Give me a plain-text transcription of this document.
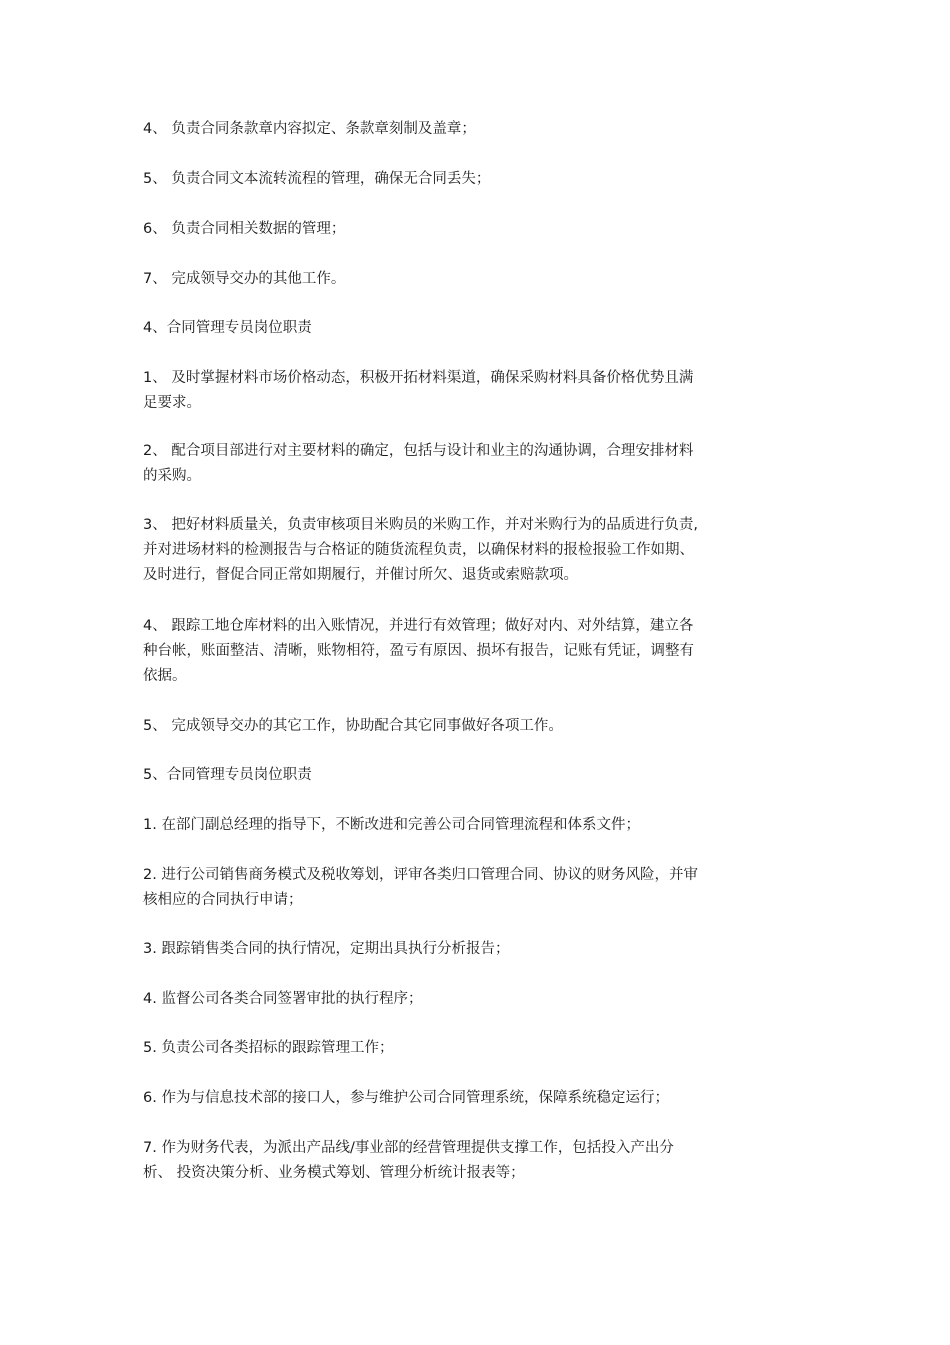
4、 负责合同条款章内容拟定、条款章刻制及盖章；
5、 负责合同文本流转流程的管理，确保无合同丢失；
6、 负责合同相关数据的管理；
7、 完成领导交办的其他工作。
4、合同管理专员岗位职责
1、 及时掌握材料市场价格动态，积极开拓材料渠道，确保采购材料具备价格优势且满
足要求。
2、 配合项目部进行对主要材料的确定，包括与设计和业主的沟通协调，合理安排材料
的采购。
3、 把好材料质量关，负责审核项目米购员的米购工作，并对米购行为的品质进行负责,
并对进场材料的检测报告与合格证的随货流程负责，以确保材料的报检报验工作如期、
及时进行，督促合同正常如期履行，并催讨所欠、退货或索赔款项。
4、 跟踪工地仓库材料的出入账情况，并进行有效管理；做好对内、对外结算，建立各
种台帐，账面整洁、清晰，账物相符，盈亏有原因、损坏有报告，记账有凭证，调整有
依据。
5、 完成领导交办的其它工作，协助配合其它同事做好各项工作。
5、合同管理专员岗位职责
1. 在部门副总经理的指导下，不断改进和完善公司合同管理流程和体系文件；
2. 进行公司销售商务模式及税收筹划，评审各类归口管理合同、协议的财务风险，并审
核相应的合同执行申请；
3. 跟踪销售类合同的执行情况，定期出具执行分析报告；
4. 监督公司各类合同签署审批的执行程序；
5. 负责公司各类招标的跟踪管理工作；
6. 作为与信息技术部的接口人，参与维护公司合同管理系统，保障系统稳定运行；
7. 作为财务代表，为派出产品线/事业部的经营管理提供支撑工作，包括投入产出分
析、 投资决策分析、业务模式筹划、管理分析统计报表等；
